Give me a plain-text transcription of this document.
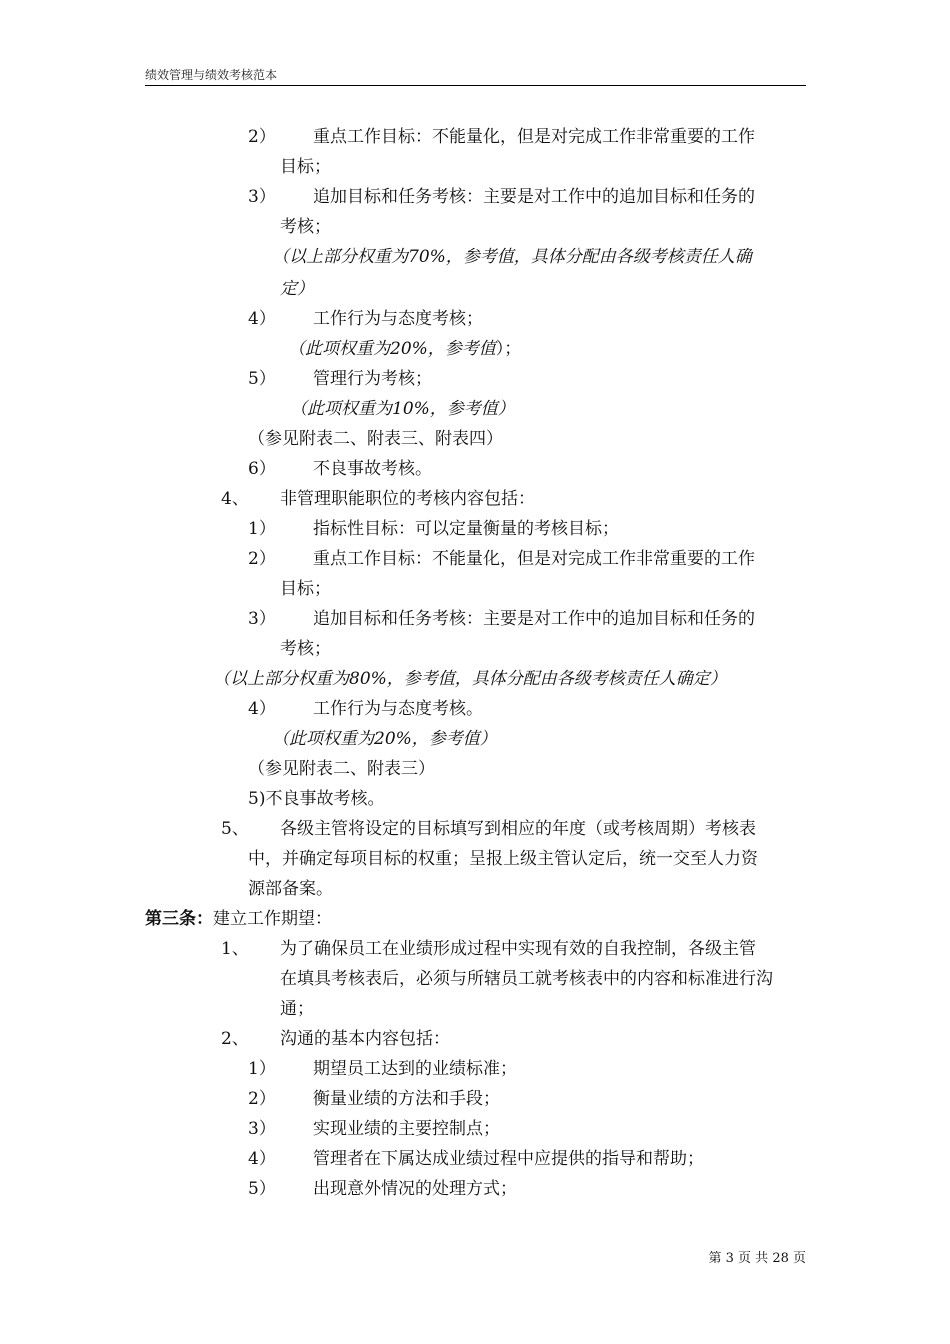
绩效管理与绩效考核范本
2） 重点工作目标：不能量化，但是对完成工作非常重要的工作
目标；
3） 追加目标和任务考核：主要是对工作中的追加目标和任务的
考核；
（以上部分权重为70%，参考值，具体分配由各级考核责任人确
定）
4） 工作行为与态度考核；
（此项权重为20%，参考值）；
5） 管理行为考核；
（此项权重为10%，参考值）
（参见附表二、附表三、附表四）
6） 不良事故考核。
4、 非管理职能职位的考核内容包括：
1） 指标性目标：可以定量衡量的考核目标；
2） 重点工作目标：不能量化，但是对完成工作非常重要的工作
目标；
3） 追加目标和任务考核：主要是对工作中的追加目标和任务的
考核；
（以上部分权重为80%，参考值，具体分配由各级考核责任人确定）
4） 工作行为与态度考核。
（此项权重为20%，参考值）
（参见附表二、附表三）
5)不良事故考核。
5、 各级主管将设定的目标填写到相应的年度（或考核周期）考核表
中，并确定每项目标的权重；呈报上级主管认定后，统一交至人力资
源部备案。
第三条：建立工作期望：
1、 为了确保员工在业绩形成过程中实现有效的自我控制，各级主管
在填具考核表后，必须与所辖员工就考核表中的内容和标准进行沟
通；
2、 沟通的基本内容包括：
1） 期望员工达到的业绩标准；
2） 衡量业绩的方法和手段；
3） 实现业绩的主要控制点；
4） 管理者在下属达成业绩过程中应提供的指导和帮助；
5） 出现意外情况的处理方式；
第 3 页 共 28 页
